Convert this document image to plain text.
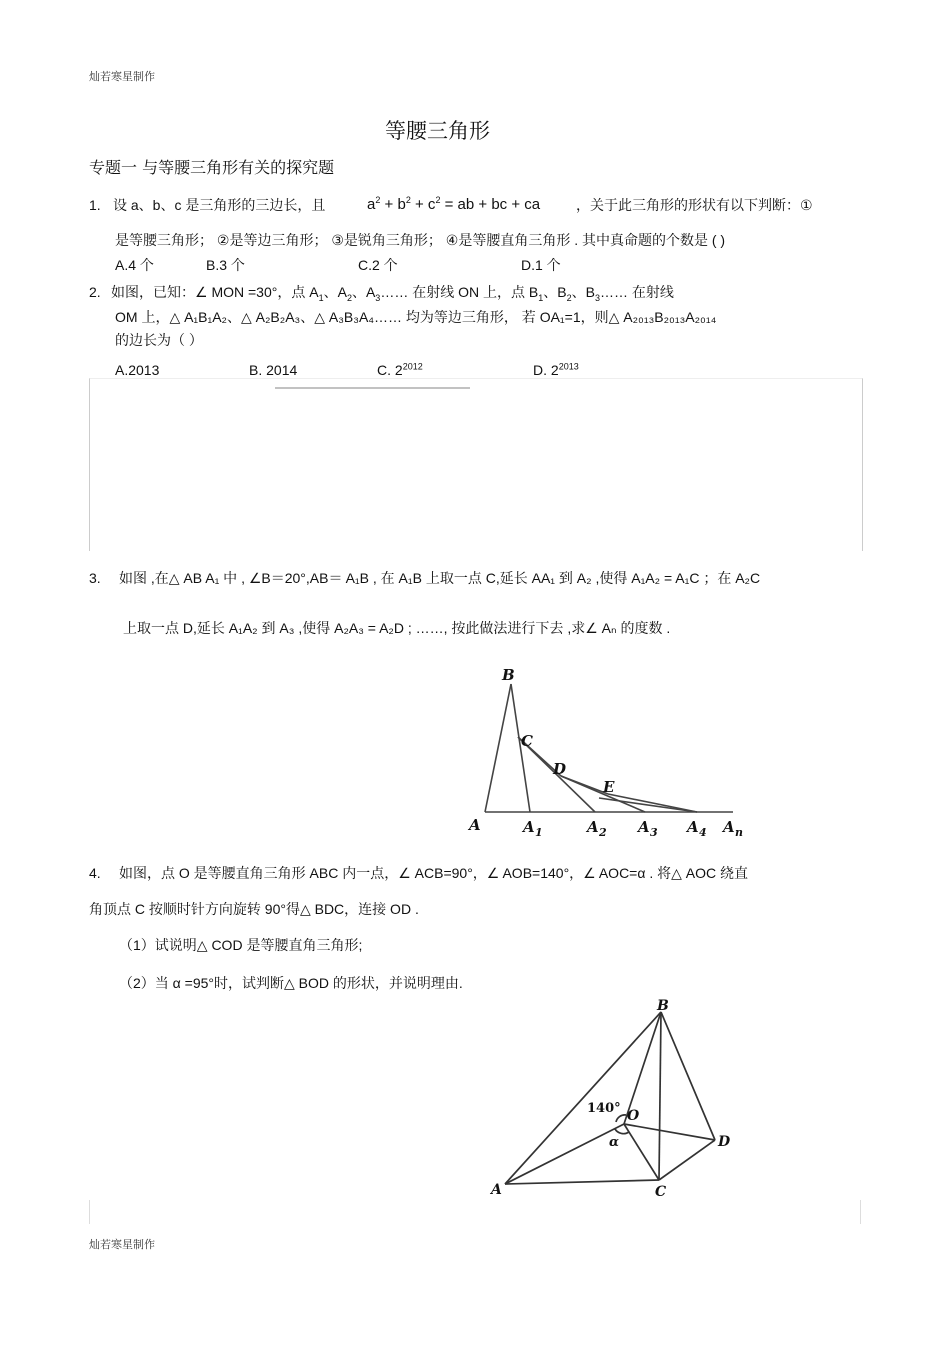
灿若寒星制作
等腰三角形
专题一 与等腰三角形有关的探究题
1. 设 a、b、c 是三角形的三边长，且	$a^2 + b^2 + c^2$ = ab + bc + ca	，关于此三角形的形状有以下判断：①
是等腰三角形； ②是等边三角形； ③是锐角三角形； ④是等腰直角三角形 . 其中真命题的个数是 ( )
A.4 个	B.3 个	C.2 个	D.1 个
2. 如图，已知：∠ MON =30°，点 $A_1$、$A_2$、$A_3\dots\dots$ 在射线 ON 上，点 $B_1$、$B_2$、$B_3\dots\dots$ 在射线
OM 上，△ A₁B₁A₂、△ A₂B₂A₃、△ A₃B₃A₄…… 均为等边三角形， 若 OA₁=1，则△ A₂₀₁₃B₂₀₁₃A₂₀₁₄
的边长为（ ）
A.2013	B. 2014	C. $2^{2012}$	D. $2^{2013}$
3. 如图 ,在△ AB A₁ 中 , ∠B＝20°,AB＝ A₁B , 在 A₁B 上取一点 C,延长 AA₁ 到 A₂ ,使得 A₁A₂ = A₁C ；在 A₂C
上取一点 D,延长 A₁A₂ 到 A₃ ,使得 A₂A₃ = A₂D ; ……, 按此做法进行下去 ,求∠ Aₙ 的度数 .
B
C
D
E
A	A 1	A 2 A 3 A 4 A n
4. 如图，点 O 是等腰直角三角形 ABC 内一点，∠ ACB=90°，∠ AOB=140°，∠ AOC=α . 将△ AOC 绕直
角顶点 C 按顺时针方向旋转 90°得△ BDC，连接 OD .
（1）试说明△ COD 是等腰直角三角形;
（2）当 α =95°时，试判断△ BOD 的形状，并说明理由.
B
O
D
A	C
140°
α
灿若寒星制作
